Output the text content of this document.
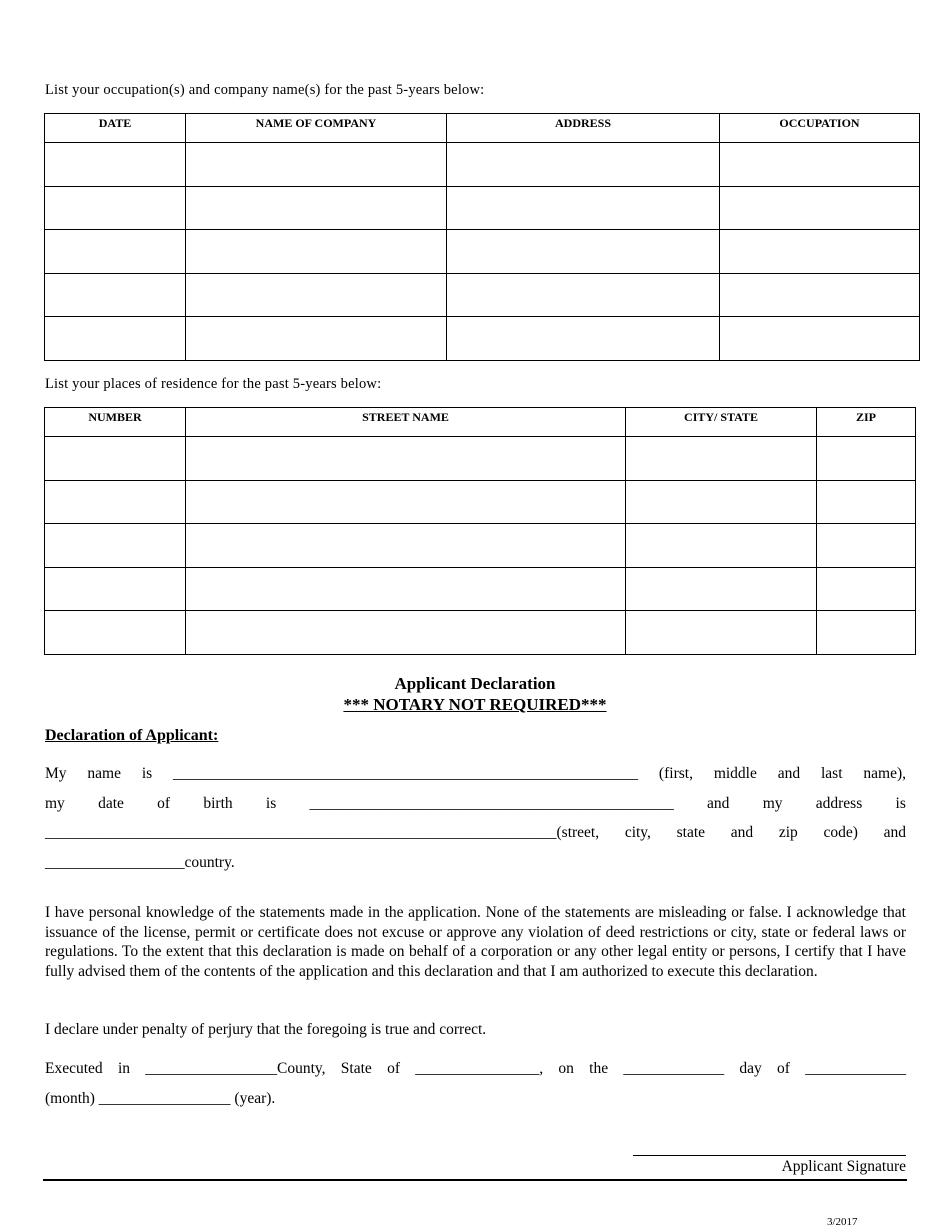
List your occupation(s) and company name(s) for the past 5-years below:
DATE	NAME OF COMPANY	ADDRESS	OCCUPATION

List your places of residence for the past 5-years below:
NUMBER	STREET NAME	CITY/ STATE	ZIP

Applicant Declaration
*** NOTARY NOT REQUIRED***
Declaration of Applicant:
My name is ____________________________________________________________ (first, middle and last name),
my date of birth is _______________________________________________ and my address is
__________________________________________________________________(street, city, state and zip code) and
__________________country.
I have personal knowledge of the statements made in the application. None of the statements are misleading or false. I acknowledge that issuance of the license, permit or certificate does not excuse or approve any violation of deed restrictions or city, state or federal laws or regulations. To the extent that this declaration is made on behalf of a corporation or any other legal entity or persons, I certify that I have fully advised them of the contents of the application and this declaration and that I am authorized to execute this declaration.
I declare under penalty of perjury that the foregoing is true and correct.
Executed in _________________County, State of ________________, on the _____________ day of _____________
(month) _________________ (year).
Applicant Signature
3/2017
